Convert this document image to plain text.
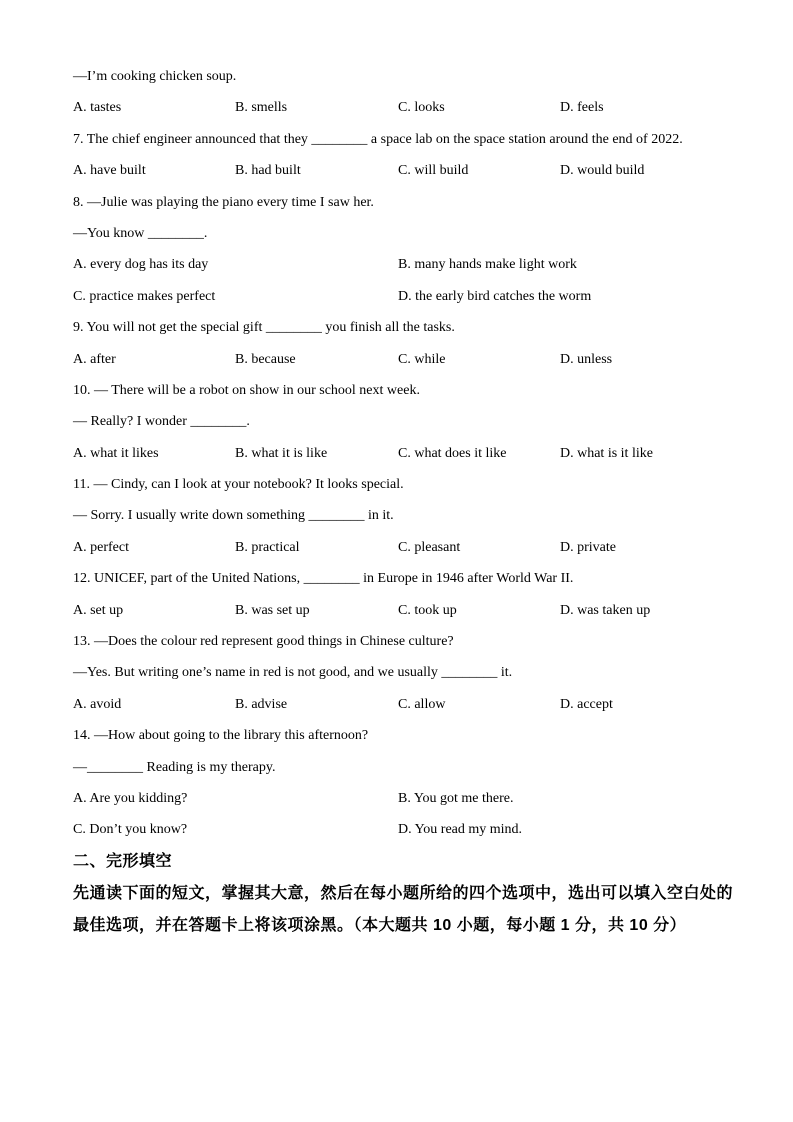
—I’m cooking chicken soup.
A. tastes	B. smells	C. looks	D. feels
7. The chief engineer announced that they ________ a space lab on the space station around the end of 2022.
A. have built	B. had built	C. will build	D. would build
8. —Julie was playing the piano every time I saw her.
—You know ________.
A. every dog has its day	B. many hands make light work
C. practice makes perfect	D. the early bird catches the worm
9. You will not get the special gift ________ you finish all the tasks.
A. after	B. because	C. while	D. unless
10. — There will be a robot on show in our school next week.
— Really? I wonder ________.
A. what it likes	B. what it is like	C. what does it like	D. what is it like
11. — Cindy, can I look at your notebook? It looks special.
— Sorry. I usually write down something ________ in it.
A. perfect	B. practical	C. pleasant	D. private
12. UNICEF, part of the United Nations, ________ in Europe in 1946 after World War II.
A. set up	B. was set up	C. took up	D. was taken up
13. —Does the colour red represent good things in Chinese culture?
—Yes. But writing one’s name in red is not good, and we usually ________ it.
A. avoid	B. advise	C. allow	D. accept
14. —How about going to the library this afternoon?
—________ Reading is my therapy.
A. Are you kidding?	B. You got me there.
C. Don’t you know?	D. You read my mind.
二、完形填空
先通读下面的短文，掌握其大意，然后在每小题所给的四个选项中，选出可以填入空白处的
最佳选项，并在答题卡上将该项涂黑。（本大题共 10 小题，每小题 1 分，共 10 分）
